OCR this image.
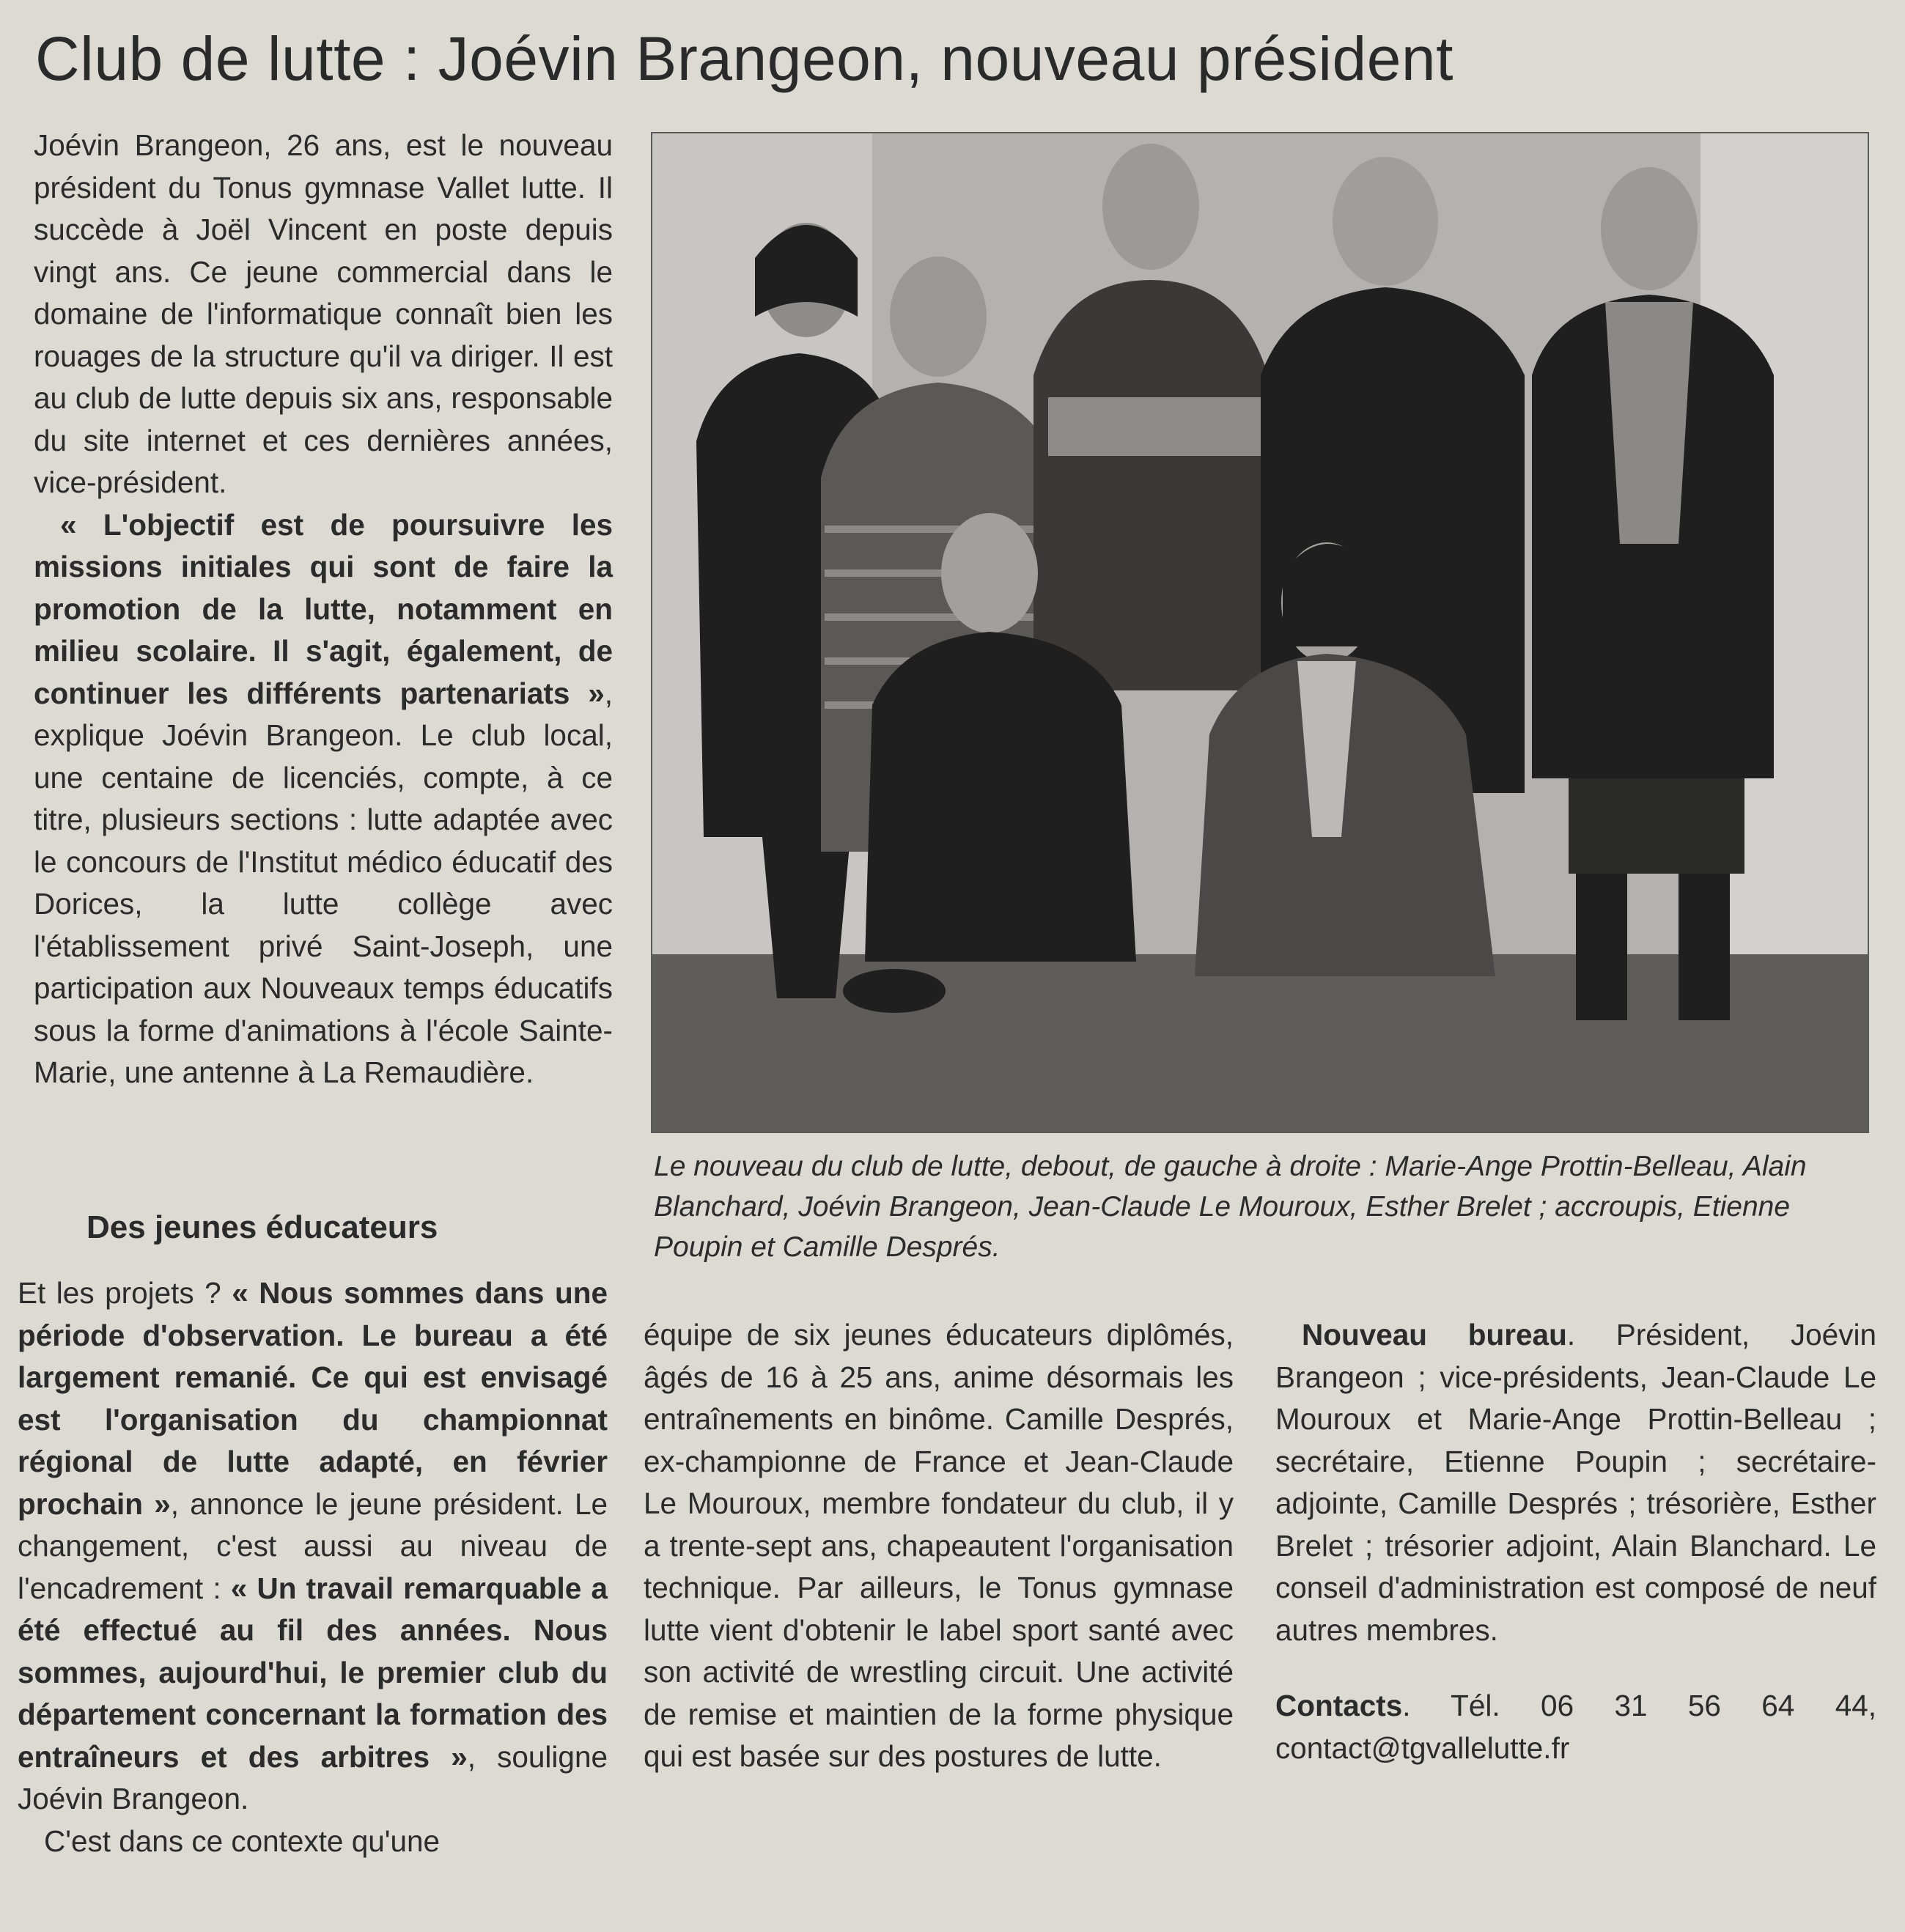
Club de lutte : Joévin Brangeon, nouveau président

Joévin Brangeon, 26 ans, est le nouveau président du Tonus gymnase Vallet lutte. Il succède à Joël Vincent en poste depuis vingt ans. Ce jeune commercial dans le domaine de l'informatique connaît bien les rouages de la structure qu'il va diriger. Il est au club de lutte depuis six ans, responsable du site internet et ces dernières années, vice-président.

« L'objectif est de poursuivre les missions initiales qui sont de faire la promotion de la lutte, notamment en milieu scolaire. Il s'agit, également, de continuer les différents partenariats », explique Joévin Brangeon. Le club local, une centaine de licenciés, compte, à ce titre, plusieurs sections : lutte adaptée avec le concours de l'Institut médico éducatif des Dorices, la lutte collège avec l'établissement privé Saint-Joseph, une participation aux Nouveaux temps éducatifs sous la forme d'animations à l'école Sainte-Marie, une antenne à La Remaudière.

Des jeunes éducateurs

Et les projets ? « Nous sommes dans une période d'observation. Le bureau a été largement remanié. Ce qui est envisagé est l'organisation du championnat régional de lutte adapté, en février prochain », annonce le jeune président. Le changement, c'est aussi au niveau de l'encadrement : « Un travail remarquable a été effectué au fil des années. Nous sommes, aujourd'hui, le premier club du département concernant la formation des entraîneurs et des arbitres », souligne Joévin Brangeon.

C'est dans ce contexte qu'une

Le nouveau du club de lutte, debout, de gauche à droite : Marie-Ange Prottin-Belleau, Alain Blanchard, Joévin Brangeon, Jean-Claude Le Mouroux, Esther Brelet ; accroupis, Etienne Poupin et Camille Després.

équipe de six jeunes éducateurs diplômés, âgés de 16 à 25 ans, anime désormais les entraînements en binôme. Camille Després, ex-championne de France et Jean-Claude Le Mouroux, membre fondateur du club, il y a trente-sept ans, chapeautent l'organisation technique. Par ailleurs, le Tonus gymnase lutte vient d'obtenir le label sport santé avec son activité de wrestling circuit. Une activité de remise et maintien de la forme physique qui est basée sur des postures de lutte.

Nouveau bureau. Président, Joévin Brangeon ; vice-présidents, Jean-Claude Le Mouroux et Marie-Ange Prottin-Belleau ; secrétaire, Etienne Poupin ; secrétaire-adjointe, Camille Després ; trésorière, Esther Brelet ; trésorier adjoint, Alain Blanchard. Le conseil d'administration est composé de neuf autres membres.

Contacts. Tél. 06 31 56 64 44, contact@tgvallelutte.fr
